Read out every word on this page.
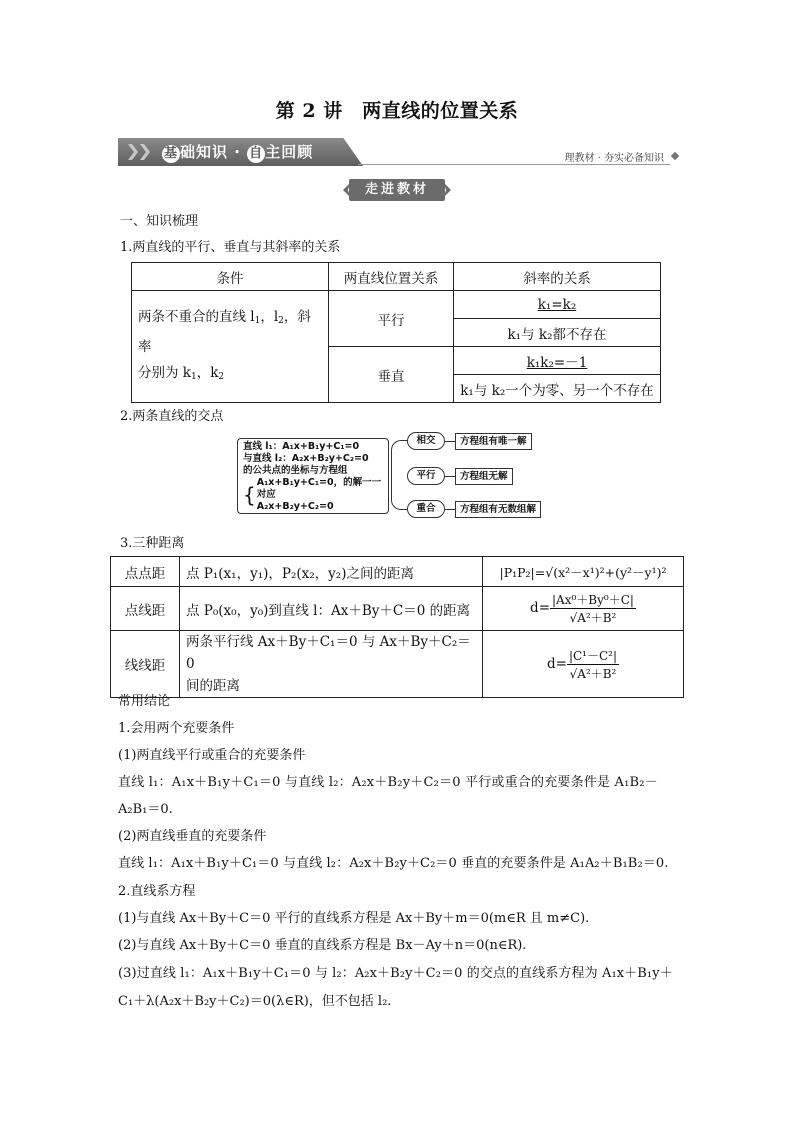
第 2 讲　两直线的位置关系
基 础知识 · 自 主回顾	理教材 · 夯实必备知识
走进教材
一、知识梳理
1.两直线的平行、垂直与其斜率的关系
条件	两直线位置关系	斜率的关系
两条不重合的直线 $l_1$，$l_2$，斜率
分别为 $k_1$，$k_2$	平行	k₁=k₂
		k₁与 k₂都不存在
	垂直	k₁k₂=－1
		k₁与 k₂一个为零、另一个不存在
2.两条直线的交点
直线 l₁：A₁x+B₁y+C₁=0
与直线 l₂：A₂x+B₂y+C₂=0
的公共点的坐标与方程组
{
A₁x+B₁y+C₁=0，的解一一对应
A₂x+B₂y+C₂=0
相交
平行
重合
方程组有唯一解
方程组无解
方程组有无数组解
3.三种距离
点点距	点 P₁(x₁，y₁)，P₂(x₂，y₂)之间的距离	|P₁P₂|=√(x²－x¹)²+(y²－y¹)²
点线距	点 P₀(x₀，y₀)到直线 l：Ax＋By＋C＝0 的距离	$d= \frac{\text{|Ax⁰＋By⁰＋C|}}{\text{√A²＋B²}}$

线线距	两条平行线 Ax＋By＋C₁＝0 与 Ax＋By＋C₂＝0
间的距离	$d= \frac{\text{|C¹－C²|}}{\text{√A²＋B²}}$
常用结论
1.会用两个充要条件
(1)两直线平行或重合的充要条件
直线 l₁：A₁x＋B₁y＋C₁＝0 与直线 l₂：A₂x＋B₂y＋C₂＝0 平行或重合的充要条件是 A₁B₂－
A₂B₁＝0.
(2)两直线垂直的充要条件
直线 l₁：A₁x＋B₁y＋C₁＝0 与直线 l₂：A₂x＋B₂y＋C₂＝0 垂直的充要条件是 A₁A₂＋B₁B₂＝0.
2.直线系方程
(1)与直线 Ax＋By＋C＝0 平行的直线系方程是 Ax＋By＋m＝0(m∈R 且 m≠C).
(2)与直线 Ax＋By＋C＝0 垂直的直线系方程是 Bx－Ay＋n＝0(n∈R).
(3)过直线 l₁：A₁x＋B₁y＋C₁＝0 与 l₂：A₂x＋B₂y＋C₂＝0 的交点的直线系方程为 A₁x＋B₁y＋
C₁＋λ(A₂x＋B₂y＋C₂)＝0(λ∈R)，但不包括 l₂.
